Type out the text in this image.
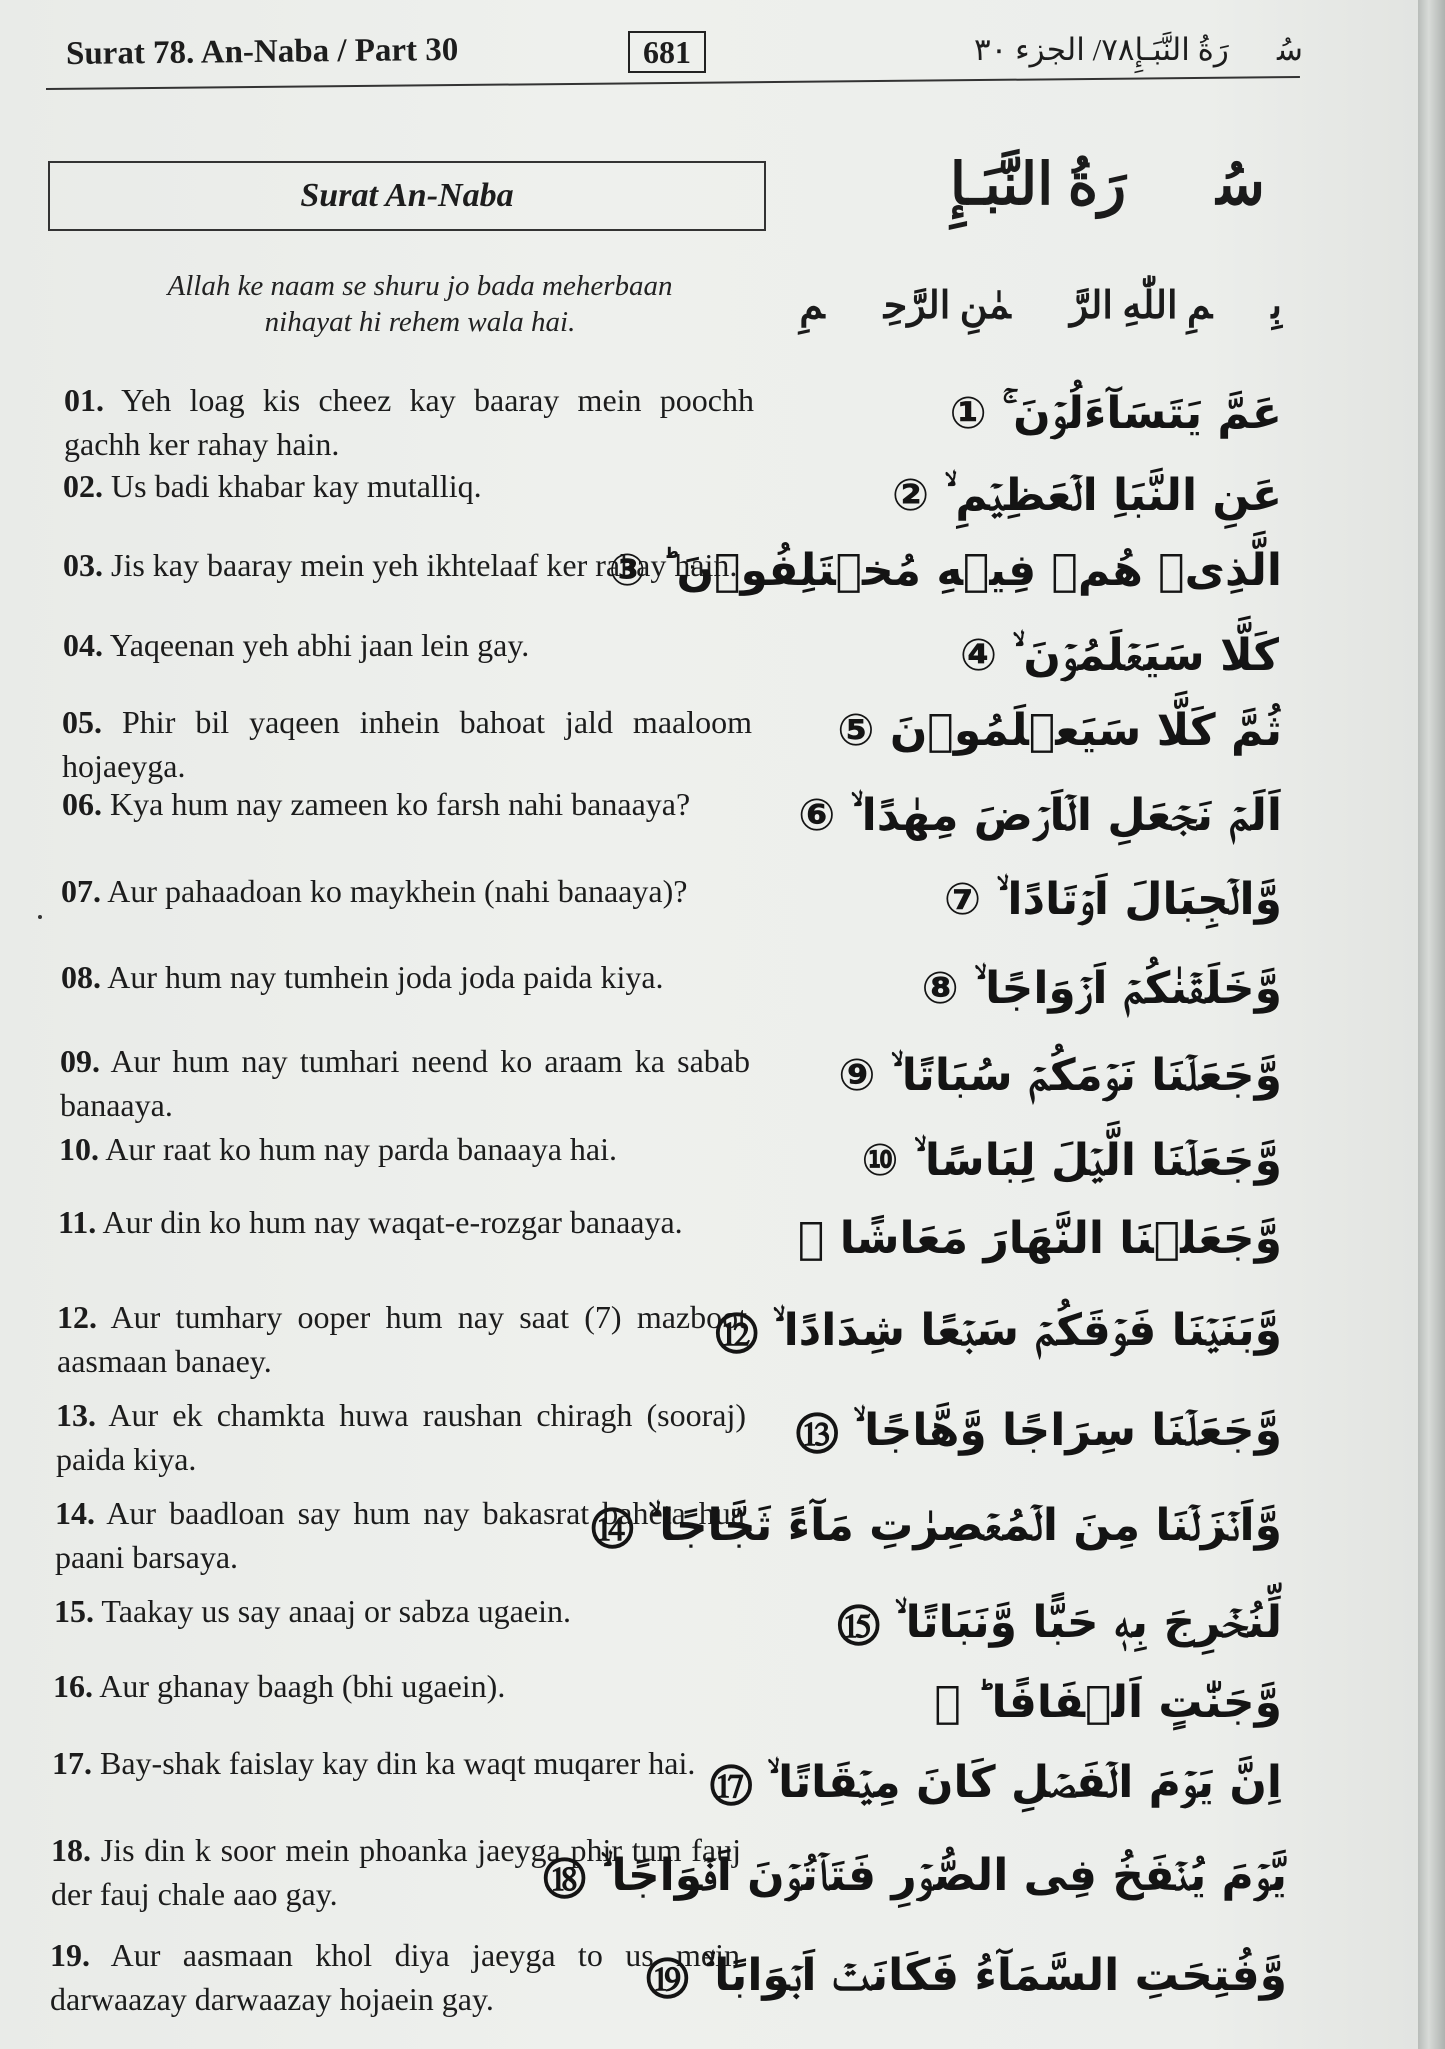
Surat 78. An-Naba / Part 30	681	سُوۡرَةُ النَّبَـإِ٧٨/ الجزء ٣٠
Surat An-Naba	سُوۡرَةُ النَّبَـإِ
Allah ke naam se shuru jo bada meherbaan
nihayat hi rehem wala hai.	بِسۡمِ اللّٰهِ الرَّحۡمٰنِ الرَّحِيۡمِ
01. Yeh loag kis cheez kay baaray mein poochh gachh ker rahay hain.
02. Us badi khabar kay mutalliq.
03. Jis kay baaray mein yeh ikhtelaaf ker rahay hain.
04. Yaqeenan yeh abhi jaan lein gay.
05. Phir bil yaqeen inhein bahoat jald maaloom hojaeyga.
06. Kya hum nay zameen ko farsh nahi banaaya?
07. Aur pahaadoan ko maykhein (nahi banaaya)?
08. Aur hum nay tumhein joda joda paida kiya.
09. Aur hum nay tumhari neend ko araam ka sabab banaaya.
10. Aur raat ko hum nay parda banaaya hai.
11. Aur din ko hum nay waqat-e-rozgar banaaya.
12. Aur tumhary ooper hum nay saat (7) mazboot aasmaan banaey.
13. Aur ek chamkta huwa raushan chiragh (sooraj) paida kiya.
14. Aur baadloan say hum nay bakasrat baheta hua paani barsaya.
15. Taakay us say anaaj or sabza ugaein.
16. Aur ghanay baagh (bhi ugaein).
17. Bay-shak faislay kay din ka waqt muqarer hai.
18. Jis din k soor mein phoanka jaeyga phir tum fauj der fauj chale aao gay.
19. Aur aasmaan khol diya jaeyga to us mein darwaazay darwaazay hojaein gay.
عَمَّ يَتَسَآءَلُوۡنَ ۚ ①
عَنِ النَّبَاِ الۡعَظِيۡمِ ۙ ②
الَّذِىۡ هُمۡ فِيۡهِ مُخۡتَلِفُوۡنَ ؕ ③
كَلَّا سَيَعۡلَمُوۡنَ ۙ ④
ثُمَّ كَلَّا سَيَعۡلَمُوۡنَ ⑤
اَلَمۡ نَجۡعَلِ الۡاَرۡضَ مِهٰدًا ۙ ⑥
وَّالۡجِبَالَ اَوۡتَادًا ۙ ⑦
وَّخَلَقۡنٰكُمۡ اَزۡوَاجًا ۙ ⑧
وَّجَعَلۡنَا نَوۡمَكُمۡ سُبَاتًا ۙ ⑨
وَّجَعَلۡنَا الَّيۡلَ لِبَاسًا ۙ ⑩
وَّجَعَلۡنَا النَّهَارَ مَعَاشًا ⑪
وَّبَنَيۡنَا فَوۡقَكُمۡ سَبۡعًا شِدَادًا ۙ ⑫
وَّجَعَلۡنَا سِرَاجًا وَّهَّاجًا ۙ ⑬
وَّاَنۡزَلۡنَا مِنَ الۡمُعۡصِرٰتِ مَآءً ثَجَّاجًا ۙ ⑭
لِّنُخۡرِجَ بِهٖ حَبًّا وَّنَبَاتًا ۙ ⑮
وَّجَنّٰتٍ اَلۡفَافًا ؕ ⑯
اِنَّ يَوۡمَ الۡفَصۡلِ كَانَ مِيۡقَاتًا ۙ ⑰
يَّوۡمَ يُنۡفَخُ فِى الصُّوۡرِ فَتَاۡتُوۡنَ اَفۡوَاجًا ۙ ⑱
وَّفُتِحَتِ السَّمَآءُ فَكَانَتۡ اَبۡوَابًا ۙ ⑲
